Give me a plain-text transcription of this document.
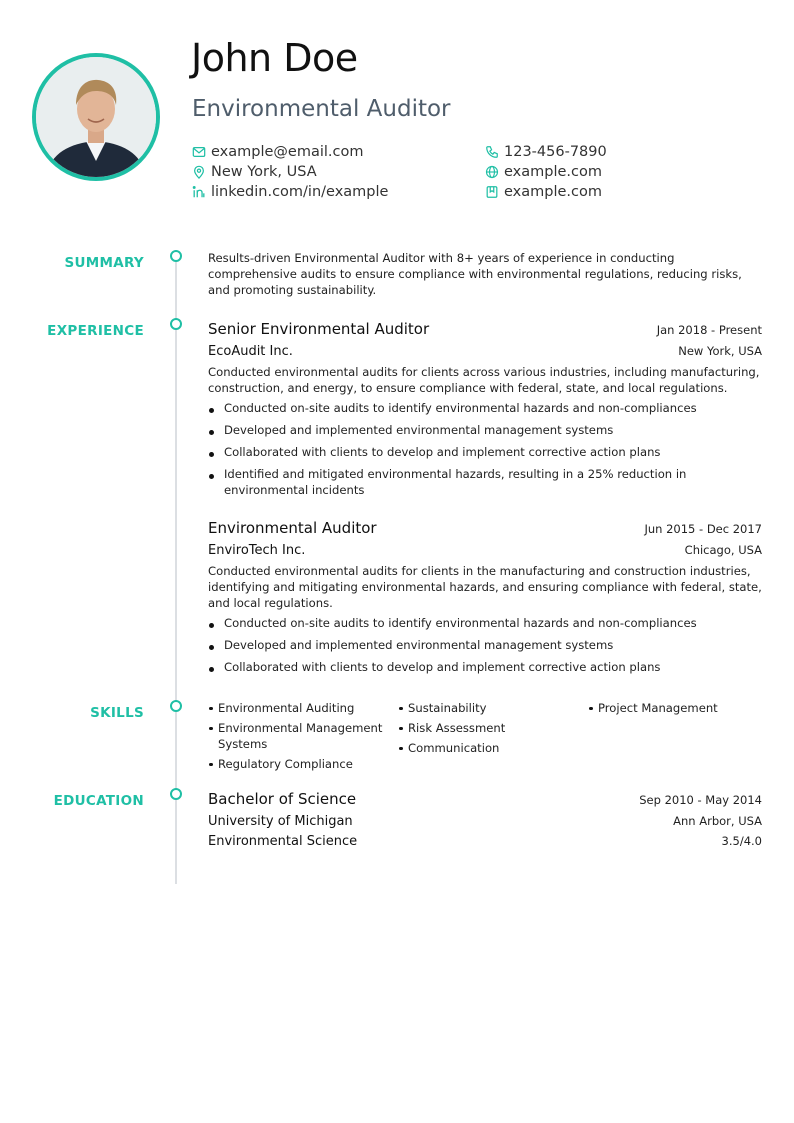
John Doe
Environmental Auditor
example@email.com	123-456-7890
New York, USA	example.com
linkedin.com/in/example	example.com
SUMMARY	Results-driven Environmental Auditor with 8+ years of experience in conducting comprehensive audits to ensure compliance with environmental regulations, reducing risks, and promoting sustainability.

EXPERIENCE	Senior Environmental Auditor	Jan 2018 - Present
EcoAudit Inc.	New York, USA

Conducted environmental audits for clients across various industries, including manufacturing, construction, and energy, to ensure compliance with federal, state, and local regulations.

Conducted on-site audits to identify environmental hazards and non-compliances
Developed and implemented environmental management systems
Collaborated with clients to develop and implement corrective action plans
Identified and mitigated environmental hazards, resulting in a 25% reduction in environmental incidents
Environmental Auditor	Jun 2015 - Dec 2017
EnviroTech Inc.	Chicago, USA

Conducted environmental audits for clients in the manufacturing and construction industries, identifying and mitigating environmental hazards, and ensuring compliance with federal, state, and local regulations.

Conducted on-site audits to identify environmental hazards and non-compliances
Developed and implemented environmental management systems
Collaborated with clients to develop and implement corrective action plans
SKILLS	Environmental Auditing
Environmental Management Systems
Regulatory Compliance
Sustainability
Risk Assessment
Communication
Project Management
EDUCATION	Bachelor of Science	Sep 2010 - May 2014
University of Michigan	Ann Arbor, USA
Environmental Science	3.5/4.0
